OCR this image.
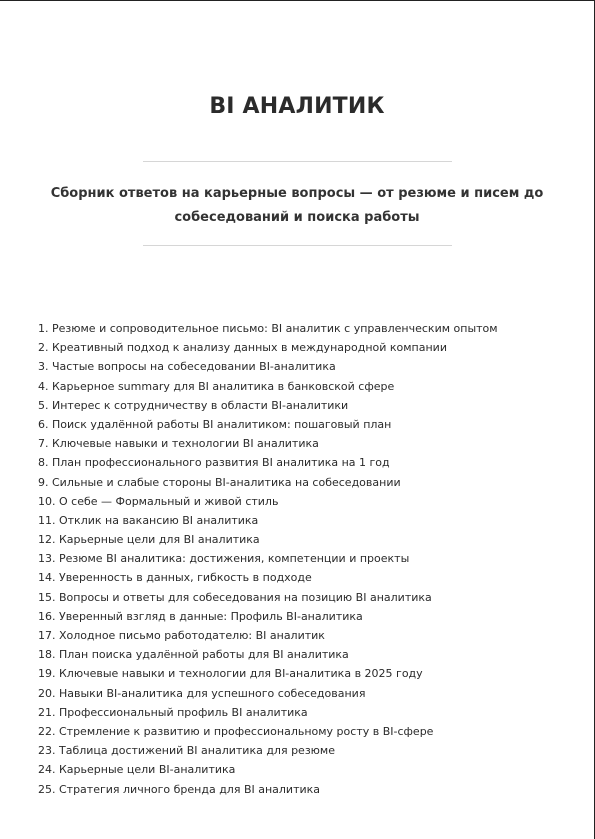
BI АНАЛИТИК
Сборник ответов на карьерные вопросы — от резюме и писем до собеседований и поиска работы
1. Резюме и сопроводительное письмо: BI аналитик с управленческим опытом
2. Креативный подход к анализу данных в международной компании
3. Частые вопросы на собеседовании BI-аналитика
4. Карьерное summary для BI аналитика в банковской сфере
5. Интерес к сотрудничеству в области BI-аналитики
6. Поиск удалённой работы BI аналитиком: пошаговый план
7. Ключевые навыки и технологии BI аналитика
8. План профессионального развития BI аналитика на 1 год
9. Сильные и слабые стороны BI-аналитика на собеседовании
10. О себе — Формальный и живой стиль
11. Отклик на вакансию BI аналитика
12. Карьерные цели для BI аналитика
13. Резюме BI аналитика: достижения, компетенции и проекты
14. Уверенность в данных, гибкость в подходе
15. Вопросы и ответы для собеседования на позицию BI аналитика
16. Уверенный взгляд в данные: Профиль BI-аналитика
17. Холодное письмо работодателю: BI аналитик
18. План поиска удалённой работы для BI аналитика
19. Ключевые навыки и технологии для BI-аналитика в 2025 году
20. Навыки BI-аналитика для успешного собеседования
21. Профессиональный профиль BI аналитика
22. Стремление к развитию и профессиональному росту в BI-сфере
23. Таблица достижений BI аналитика для резюме
24. Карьерные цели BI-аналитика
25. Стратегия личного бренда для BI аналитика
